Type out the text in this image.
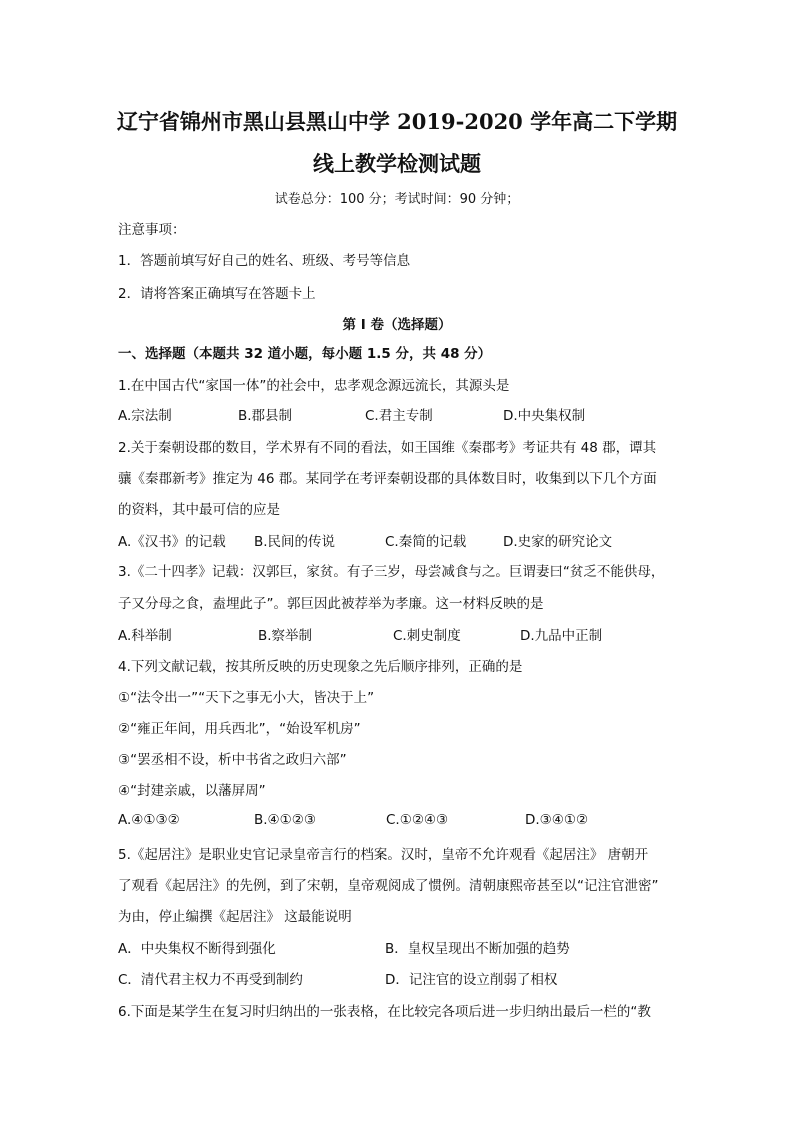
辽宁省锦州市黑山县黑山中学 2019-2020 学年高二下学期
线上教学检测试题
试卷总分：100 分；考试时间：90 分钟；
注意事项：
1．答题前填写好自己的姓名、班级、考号等信息
2．请将答案正确填写在答题卡上
第 I 卷（选择题）
一、选择题（本题共 32 道小题，每小题 1.5 分，共 48 分）
1.在中国古代“家国一体”的社会中，忠孝观念源远流长，其源头是
A.宗法制	B.郡县制	C.君主专制	D.中央集权制
2.关于秦朝设郡的数目，学术界有不同的看法，如王国维《秦郡考》考证共有 48 郡，谭其
骧《秦郡新考》推定为 46 郡。某同学在考评秦朝设郡的具体数目时，收集到以下几个方面
的资料，其中最可信的应是
A.《汉书》的记载 B.民间的传说	C.秦简的记载	D.史家的研究论文
3.《二十四孝》记载：汉郭巨，家贫。有子三岁，母尝减食与之。巨谓妻曰“贫乏不能供母，
子又分母之食，盍埋此子”。郭巨因此被荐举为孝廉。这一材料反映的是
A.科举制	B.察举制	C.刺史制度	D.九品中正制
4.下列文献记载，按其所反映的历史现象之先后顺序排列，正确的是
①“法令出一”“天下之事无小大，皆决于上”
②“雍正年间，用兵西北”，“始设军机房”
③“罢丞相不设，析中书省之政归六部”
④“封建亲戚，以藩屏周”
A.④①③②	B.④①②③	C.①②④③	D.③④①②
5.《起居注》是职业史官记录皇帝言行的档案。汉时，皇帝不允许观看《起居注》 唐朝开
了观看《起居注》的先例，到了宋朝，皇帝观阅成了惯例。清朝康熙帝甚至以“记注官泄密”
为由，停止编撰《起居注》 这最能说明
A．中央集权不断得到强化	B．皇权呈现出不断加强的趋势
C．清代君主权力不再受到制约	D．记注官的设立削弱了相权
6.下面是某学生在复习时归纳出的一张表格，在比较完各项后进一步归纳出最后一栏的“教
